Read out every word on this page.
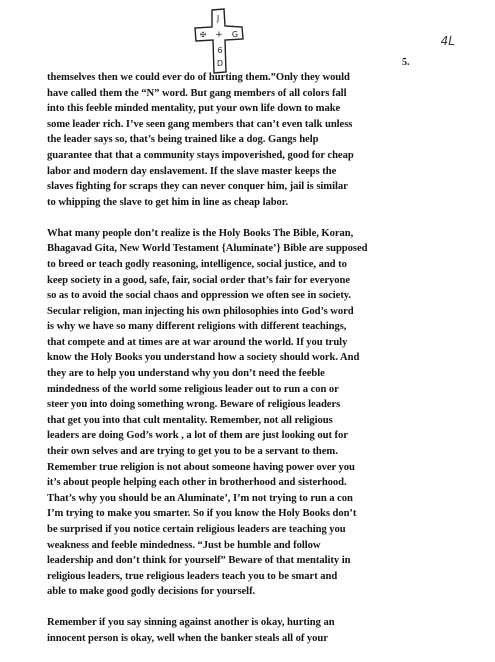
J
✠ + G
6
D
4L
5.

themselves then we could ever do of hurting them.”Only they would
have called them the “N” word. But gang members of all colors fall
into this feeble minded mentality, put your own life down to make
some leader rich. I’ve seen gang members that can’t even talk unless
the leader says so, that’s being trained like a dog. Gangs help
guarantee that that a community stays impoverished, good for cheap
labor and modern day enslavement. If the slave master keeps the
slaves fighting for scraps they can never conquer him, jail is similar
to whipping the slave to get him in line as cheap labor.

What many people don’t realize is the Holy Books The Bible, Koran,
Bhagavad Gita, New World Testament {Aluminate’} Bible are supposed
to breed or teach godly reasoning, intelligence, social justice, and to
keep society in a good, safe, fair, social order that’s fair for everyone
so as to avoid the social chaos and oppression we often see in society.
Secular religion, man injecting his own philosophies into God’s word
is why we have so many different religions with different teachings,
that compete and at times are at war around the world. If you truly
know the Holy Books you understand how a society should work. And
they are to help you understand why you don’t need the feeble
mindedness of the world some religious leader out to run a con or
steer you into doing something wrong. Beware of religious leaders
that get you into that cult mentality. Remember, not all religious
leaders are doing God’s work , a lot of them are just looking out for
their own selves and are trying to get you to be a servant to them.
Remember true religion is not about someone having power over you
it’s about people helping each other in brotherhood and sisterhood.
That’s why you should be an Aluminate’, I’m not trying to run a con
I’m trying to make you smarter. So if you know the Holy Books don’t
be surprised if you notice certain religious leaders are teaching you
weakness and feeble mindedness. “Just be humble and follow
leadership and don’t think for yourself” Beware of that mentality in
religious leaders, true religious leaders teach you to be smart and
able to make good godly decisions for yourself.

Remember if you say sinning against another is okay, hurting an
innocent person is okay, well when the banker steals all of your
